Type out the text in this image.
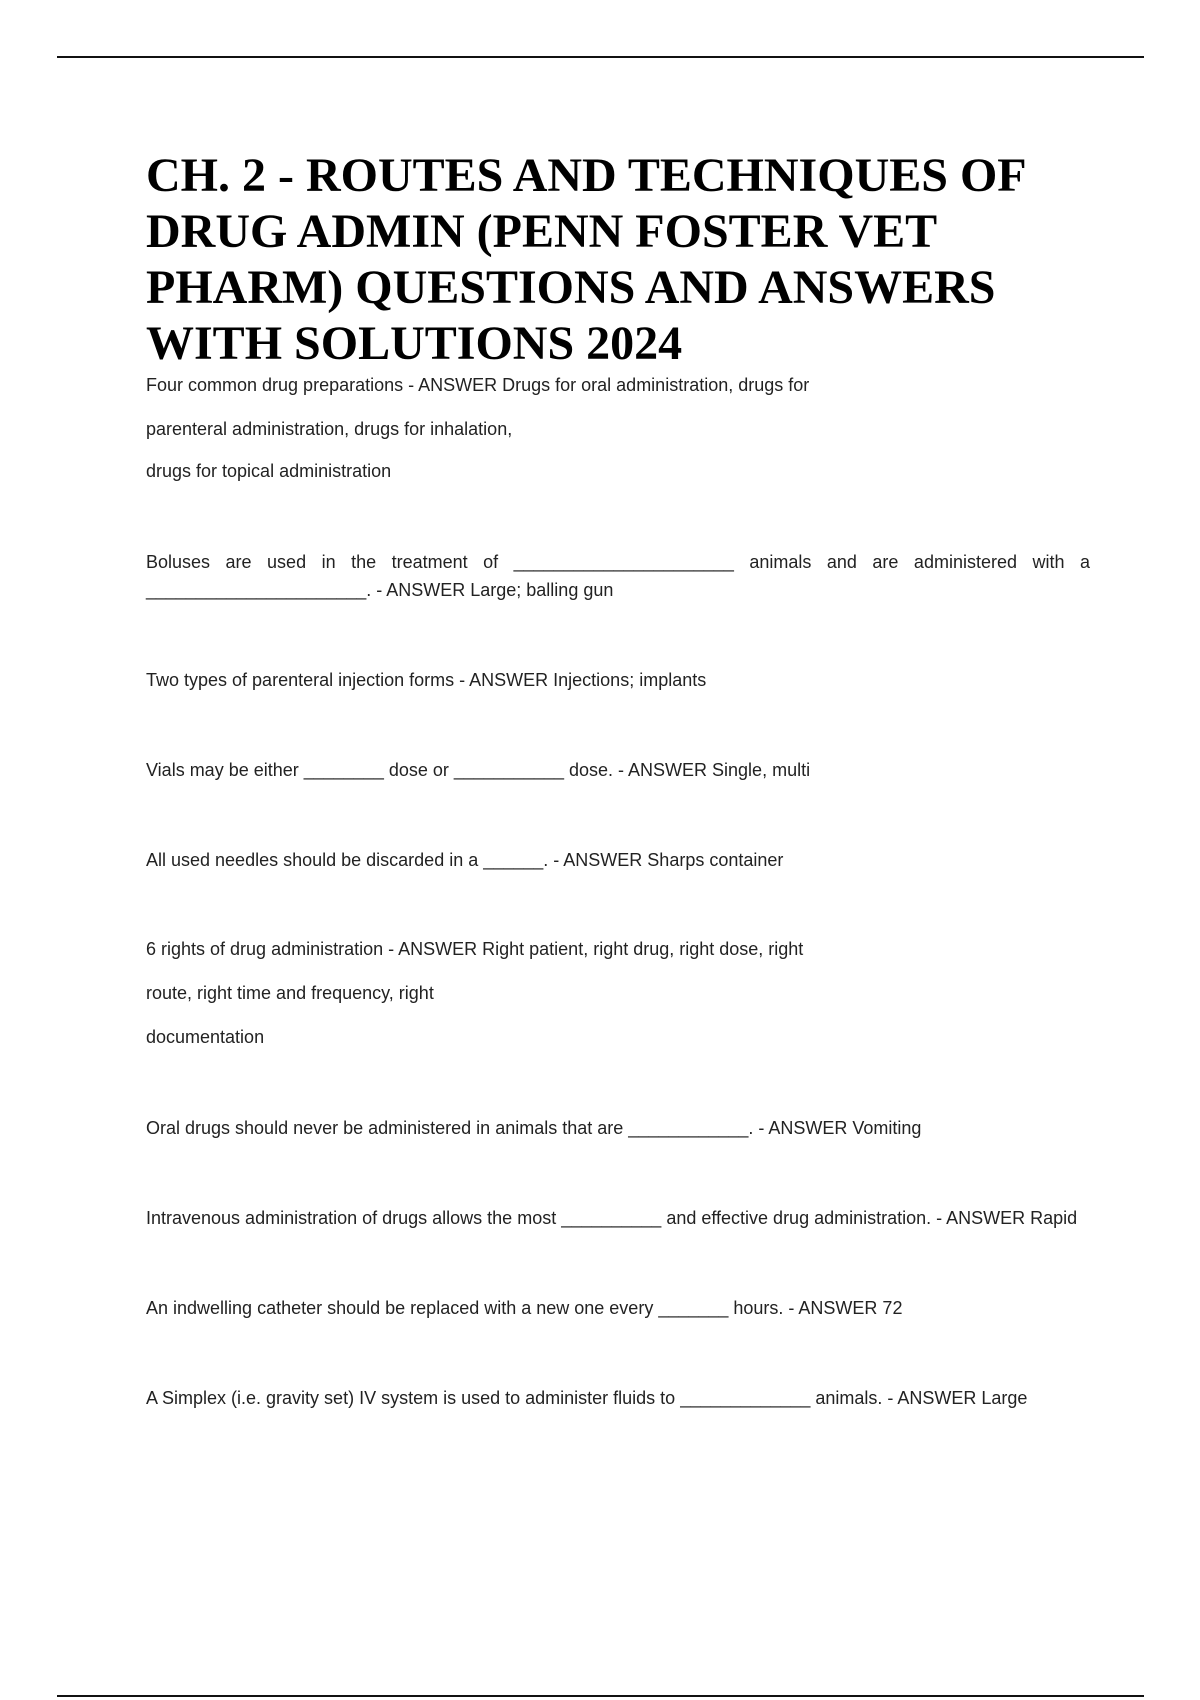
CH. 2 - ROUTES AND TECHNIQUES OF DRUG ADMIN (PENN FOSTER VET PHARM) QUESTIONS AND ANSWERS WITH SOLUTIONS 2024
Four common drug preparations - ANSWER Drugs for oral administration, drugs for
parenteral administration, drugs for inhalation,
drugs for topical administration
Boluses are used in the treatment of ______________________ animals and are administered with a ______________________. - ANSWER Large; balling gun
Two types of parenteral injection forms - ANSWER Injections; implants
Vials may be either ________ dose or ___________ dose. - ANSWER Single, multi
All used needles should be discarded in a ______. - ANSWER Sharps container
6 rights of drug administration - ANSWER Right patient, right drug, right dose, right
route, right time and frequency, right
documentation
Oral drugs should never be administered in animals that are ____________. - ANSWER Vomiting
Intravenous administration of drugs allows the most __________ and effective drug administration. - ANSWER Rapid
An indwelling catheter should be replaced with a new one every _______ hours. - ANSWER 72
A Simplex (i.e. gravity set) IV system is used to administer fluids to _____________ animals. - ANSWER Large
